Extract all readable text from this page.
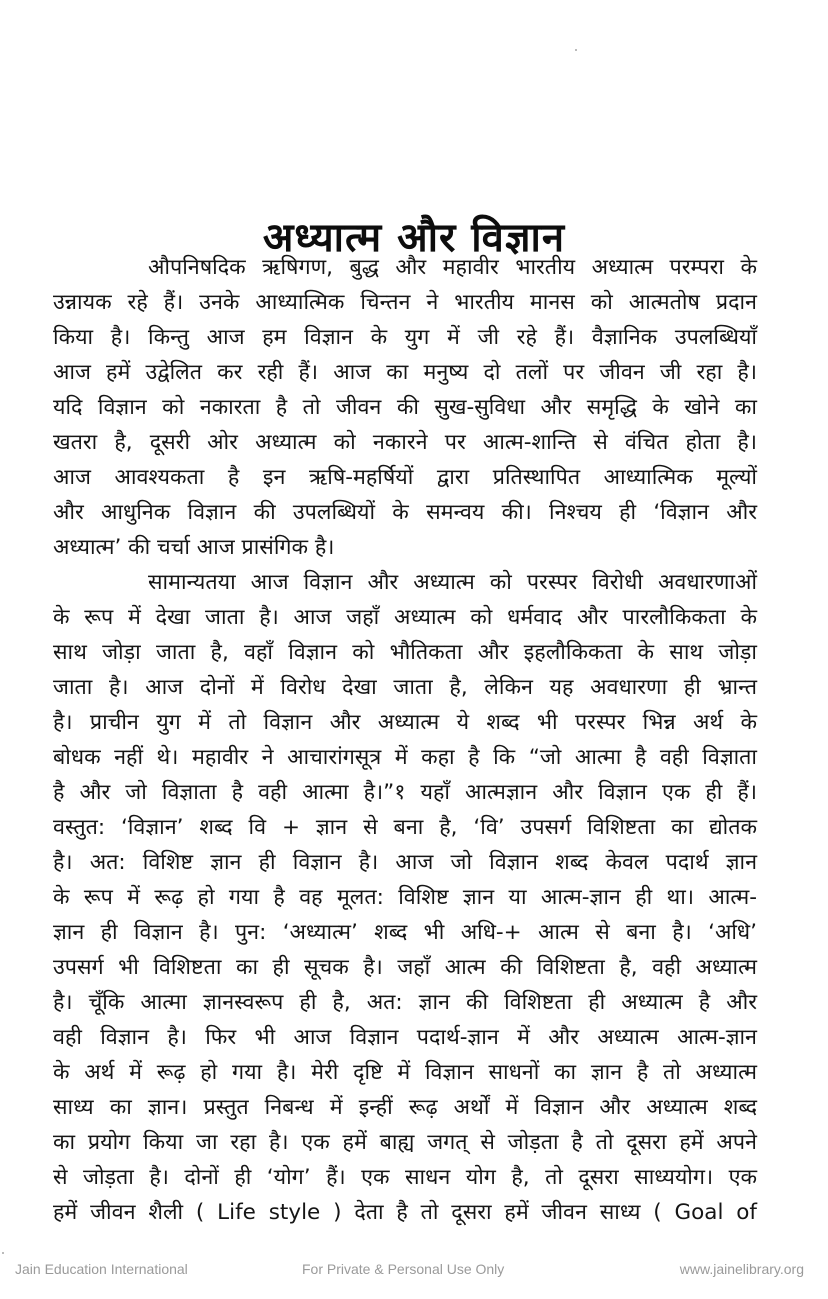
अध्यात्म और विज्ञान
औपनिषदिक ऋषिगण, बुद्ध और महावीर भारतीय अध्यात्म परम्परा के
उन्नायक रहे हैं। उनके आध्यात्मिक चिन्तन ने भारतीय मानस को आत्मतोष प्रदान
किया है। किन्तु आज हम विज्ञान के युग में जी रहे हैं। वैज्ञानिक उपलब्धियाँ
आज हमें उद्वेलित कर रही हैं। आज का मनुष्य दो तलों पर जीवन जी रहा है।
यदि विज्ञान को नकारता है तो जीवन की सुख-सुविधा और समृद्धि के खोने का
खतरा है, दूसरी ओर अध्यात्म को नकारने पर आत्म-शान्ति से वंचित होता है।
आज आवश्यकता है इन ऋषि-महर्षियों द्वारा प्रतिस्थापित आध्यात्मिक मूल्यों
और आधुनिक विज्ञान की उपलब्धियों के समन्वय की। निश्चय ही ‘विज्ञान और
अध्यात्म’ की चर्चा आज प्रासंगिक है।
सामान्यतया आज विज्ञान और अध्यात्म को परस्पर विरोधी अवधारणाओं
के रूप में देखा जाता है। आज जहाँ अध्यात्म को धर्मवाद और पारलौकिकता के
साथ जोड़ा जाता है, वहाँ विज्ञान को भौतिकता और इहलौकिकता के साथ जोड़ा
जाता है। आज दोनों में विरोध देखा जाता है, लेकिन यह अवधारणा ही भ्रान्त
है। प्राचीन युग में तो विज्ञान और अध्यात्म ये शब्द भी परस्पर भिन्न अर्थ के
बोधक नहीं थे। महावीर ने आचारांगसूत्र में कहा है कि “जो आत्मा है वही विज्ञाता
है और जो विज्ञाता है वही आत्मा है।”१ यहाँ आत्मज्ञान और विज्ञान एक ही हैं।
वस्तुत: ‘विज्ञान’ शब्द वि + ज्ञान से बना है, ‘वि’ उपसर्ग विशिष्टता का द्योतक
है। अत: विशिष्ट ज्ञान ही विज्ञान है। आज जो विज्ञान शब्द केवल पदार्थ ज्ञान
के रूप में रूढ़ हो गया है वह मूलत: विशिष्ट ज्ञान या आत्म-ज्ञान ही था। आत्म-
ज्ञान ही विज्ञान है। पुन: ‘अध्यात्म’ शब्द भी अधि-+ आत्म से बना है। ‘अधि’
उपसर्ग भी विशिष्टता का ही सूचक है। जहाँ आत्म की विशिष्टता है, वही अध्यात्म
है। चूँकि आत्मा ज्ञानस्वरूप ही है, अत: ज्ञान की विशिष्टता ही अध्यात्म है और
वही विज्ञान है। फिर भी आज विज्ञान पदार्थ-ज्ञान में और अध्यात्म आत्म-ज्ञान
के अर्थ में रूढ़ हो गया है। मेरी दृष्टि में विज्ञान साधनों का ज्ञान है तो अध्यात्म
साध्य का ज्ञान। प्रस्तुत निबन्ध में इन्हीं रूढ़ अर्थों में विज्ञान और अध्यात्म शब्द
का प्रयोग किया जा रहा है। एक हमें बाह्य जगत् से जोड़ता है तो दूसरा हमें अपने
से जोड़ता है। दोनों ही ‘योग’ हैं। एक साधन योग है, तो दूसरा साध्ययोग। एक
हमें जीवन शैली ( Life style ) देता है तो दूसरा हमें जीवन साध्य ( Goal of
Jain Education International	For Private & Personal Use Only	www.jainelibrary.org
